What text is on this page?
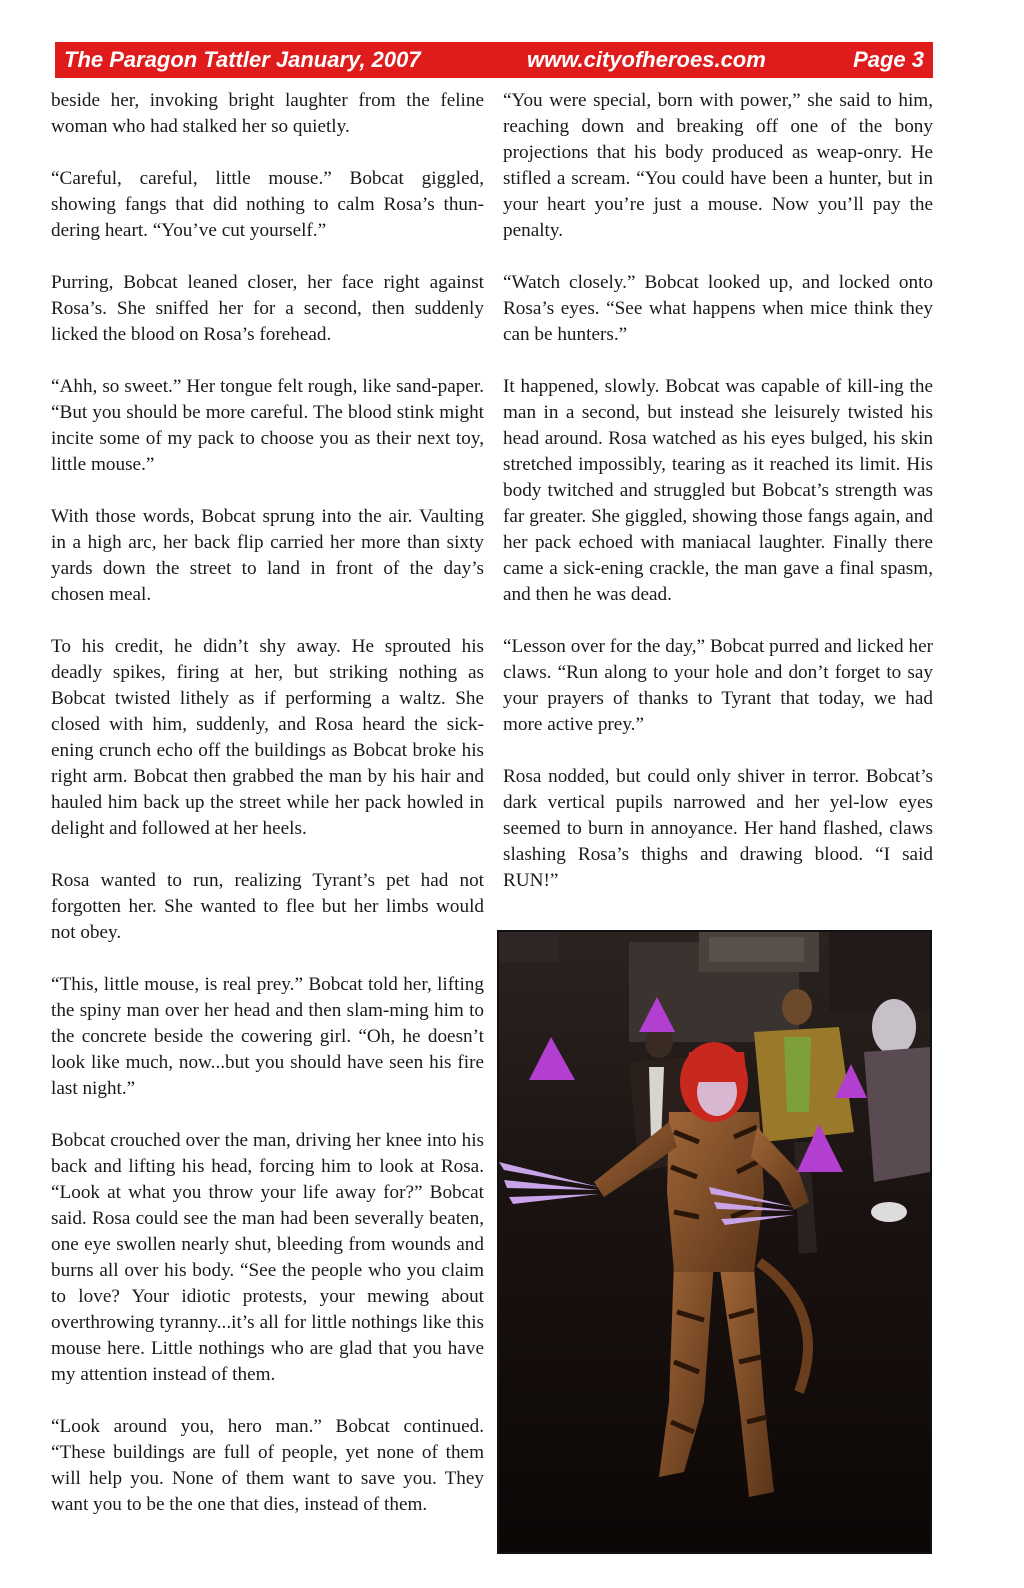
The Paragon Tattler January, 2007	www.cityofheroes.com	Page 3

beside her, invoking bright laughter from the feline woman who had stalked her so quietly.

“Careful, careful, little mouse.” Bobcat giggled, showing fangs that did nothing to calm Rosa’s thun-dering heart. “You’ve cut yourself.”

Purring, Bobcat leaned closer, her face right against Rosa’s. She sniffed her for a second, then suddenly licked the blood on Rosa’s forehead.

“Ahh, so sweet.” Her tongue felt rough, like sand-paper. “But you should be more careful. The blood stink might incite some of my pack to choose you as their next toy, little mouse.”

With those words, Bobcat sprung into the air. Vaulting in a high arc, her back flip carried her more than sixty yards down the street to land in front of the day’s chosen meal.

To his credit, he didn’t shy away. He sprouted his deadly spikes, firing at her, but striking nothing as Bobcat twisted lithely as if performing a waltz. She closed with him, suddenly, and Rosa heard the sick-ening crunch echo off the buildings as Bobcat broke his right arm. Bobcat then grabbed the man by his hair and hauled him back up the street while her pack howled in delight and followed at her heels.

Rosa wanted to run, realizing Tyrant’s pet had not forgotten her. She wanted to flee but her limbs would not obey.

“This, little mouse, is real prey.” Bobcat told her, lifting the spiny man over her head and then slam-ming him to the concrete beside the cowering girl. “Oh, he doesn’t look like much, now...but you should have seen his fire last night.”

Bobcat crouched over the man, driving her knee into his back and lifting his head, forcing him to look at Rosa. “Look at what you throw your life away for?” Bobcat said. Rosa could see the man had been severally beaten, one eye swollen nearly shut, bleeding from wounds and burns all over his body. “See the people who you claim to love? Your idiotic protests, your mewing about overthrowing tyranny...it’s all for little nothings like this mouse here. Little nothings who are glad that you have my attention instead of them.

“Look around you, hero man.” Bobcat continued. “These buildings are full of people, yet none of them will help you. None of them want to save you. They want you to be the one that dies, instead of them.

“You were special, born with power,” she said to him, reaching down and breaking off one of the bony projections that his body produced as weap-onry. He stifled a scream. “You could have been a hunter, but in your heart you’re just a mouse. Now you’ll pay the penalty.

“Watch closely.” Bobcat looked up, and locked onto Rosa’s eyes. “See what happens when mice think they can be hunters.”

It happened, slowly. Bobcat was capable of kill-ing the man in a second, but instead she leisurely twisted his head around. Rosa watched as his eyes bulged, his skin stretched impossibly, tearing as it reached its limit. His body twitched and struggled but Bobcat’s strength was far greater. She giggled, showing those fangs again, and her pack echoed with maniacal laughter. Finally there came a sick-ening crackle, the man gave a final spasm, and then he was dead.

“Lesson over for the day,” Bobcat purred and licked her claws. “Run along to your hole and don’t forget to say your prayers of thanks to Tyrant that today, we had more active prey.”

Rosa nodded, but could only shiver in terror. Bobcat’s dark vertical pupils narrowed and her yel-low eyes seemed to burn in annoyance. Her hand flashed, claws slashing Rosa’s thighs and drawing blood. “I said RUN!”
